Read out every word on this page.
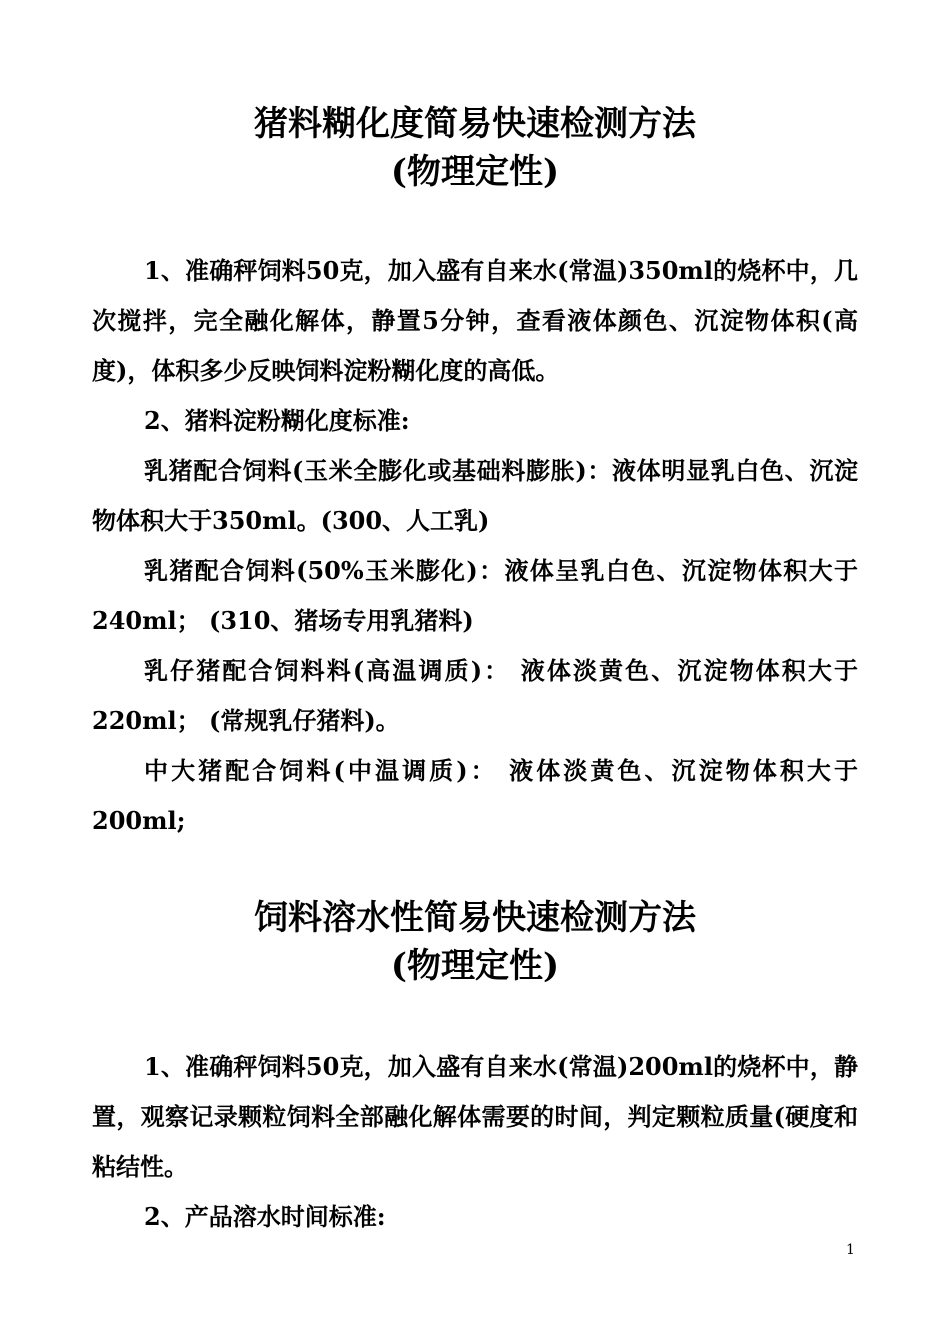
猪料糊化度简易快速检测方法
(物理定性)
1、准确秤饲料50克，加入盛有自来水(常温)350ml的烧杯中，几次搅拌，完全融化解体，静置5分钟，查看液体颜色、沉淀物体积(高度)，体积多少反映饲料淀粉糊化度的高低。
2、猪料淀粉糊化度标准:
乳猪配合饲料(玉米全膨化或基础料膨胀)：液体明显乳白色、沉淀物体积大于350ml。(300、人工乳)
乳猪配合饲料(50%玉米膨化)：液体呈乳白色、沉淀物体积大于240ml； (310、猪场专用乳猪料)
乳仔猪配合饲料料(高温调质)： 液体淡黄色、沉淀物体积大于220ml； (常规乳仔猪料)。
中大猪配合饲料(中温调质)： 液体淡黄色、沉淀物体积大于200ml;
饲料溶水性简易快速检测方法
(物理定性)
1、准确秤饲料50克，加入盛有自来水(常温)200ml的烧杯中，静置，观察记录颗粒饲料全部融化解体需要的时间，判定颗粒质量(硬度和粘结性。
2、产品溶水时间标准:
1
